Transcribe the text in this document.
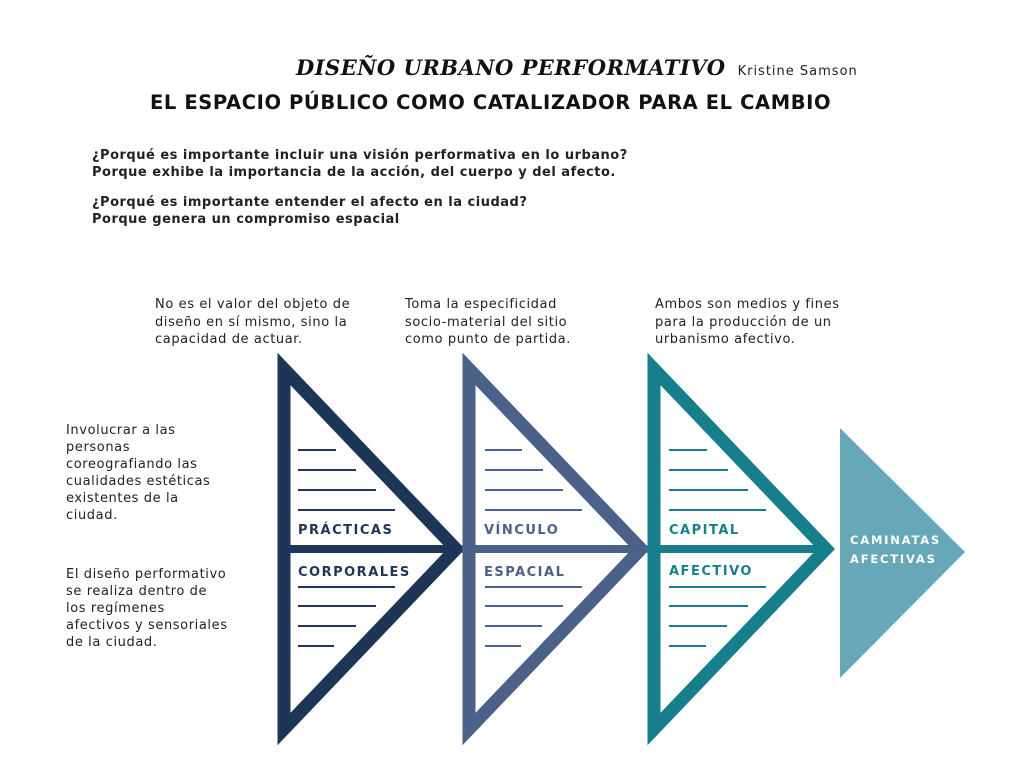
DISEÑO URBANO PERFORMATIVO Kristine Samson
EL ESPACIO PÚBLICO COMO CATALIZADOR PARA EL CAMBIO
¿Porqué es importante incluir una visión performativa en lo urbano?
Porque exhibe la importancia de la acción, del cuerpo y del afecto.
¿Porqué es importante entender el afecto en la ciudad?
Porque genera un compromiso espacial
No es el valor del objeto de
diseño en sí mismo, sino la
capacidad de actuar.
Toma la especificidad
socio-material del sitio
como punto de partida.
Ambos son medios y fines
para la producción de un
urbanismo afectivo.
Involucrar a las
personas
coreografiando las
cualidades estéticas
existentes de la
ciudad.
El diseño performativo
se realiza dentro de
los regímenes
afectivos y sensoriales
de la ciudad.
PRÁCTICAS
CORPORALES
VÍNCULO
ESPACIAL
CAPITAL
AFECTIVO
CAMINATAS
AFECTIVAS
